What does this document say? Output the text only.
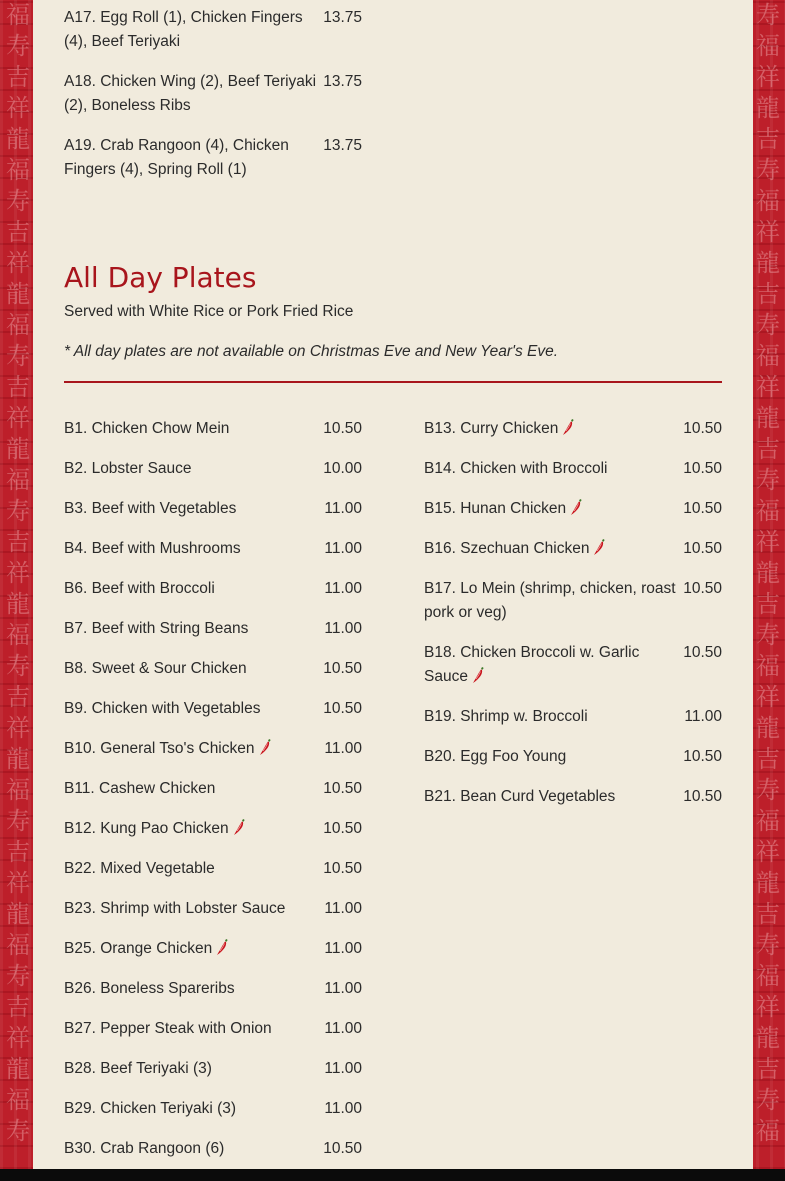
福
寿
吉
祥
龍
福
寿
吉
祥
龍
福
寿
吉
祥
龍
福
寿
吉
祥
龍
福
寿
吉
祥
龍
福
寿
吉
祥
龍
福
寿
吉
祥
龍
福
寿
寿
福
祥
龍
吉
寿
福
祥
龍
吉
寿
福
祥
龍
吉
寿
福
祥
龍
吉
寿
福
祥
龍
吉
寿
福
祥
龍
吉
寿
福
祥
龍
吉
寿
福
A17. Egg Roll (1), Chicken Fingers (4), Beef Teriyaki
13.75
A18. Chicken Wing (2), Beef Teriyaki (2), Boneless Ribs
13.75
A19. Crab Rangoon (4), Chicken Fingers (4), Spring Roll (1)
13.75
All Day Plates
Served with White Rice or Pork Fried Rice
* All day plates are not available on Christmas Eve and New Year's Eve.
B1. Chicken Chow Mein	10.50
B2. Lobster Sauce	10.00
B3. Beef with Vegetables	11.00
B4. Beef with Mushrooms	11.00
B6. Beef with Broccoli	11.00
B7. Beef with String Beans	11.00
B8. Sweet & Sour Chicken	10.50
B9. Chicken with Vegetables	10.50
B10. General Tso's Chicken	11.00
B11. Cashew Chicken	10.50
B12. Kung Pao Chicken	10.50
B22. Mixed Vegetable	10.50
B23. Shrimp with Lobster Sauce	11.00
B25. Orange Chicken	11.00
B26. Boneless Spareribs	11.00
B27. Pepper Steak with Onion	11.00
B28. Beef Teriyaki (3)	11.00
B29. Chicken Teriyaki (3)	11.00
B30. Crab Rangoon (6)	10.50
B13. Curry Chicken	10.50
B14. Chicken with Broccoli	10.50
B15. Hunan Chicken	10.50
B16. Szechuan Chicken	10.50
B17. Lo Mein (shrimp, chicken, roast pork or veg)
10.50
B18. Chicken Broccoli w. Garlic Sauce
10.50
B19. Shrimp w. Broccoli	11.00
B20. Egg Foo Young	10.50
B21. Bean Curd Vegetables	10.50
